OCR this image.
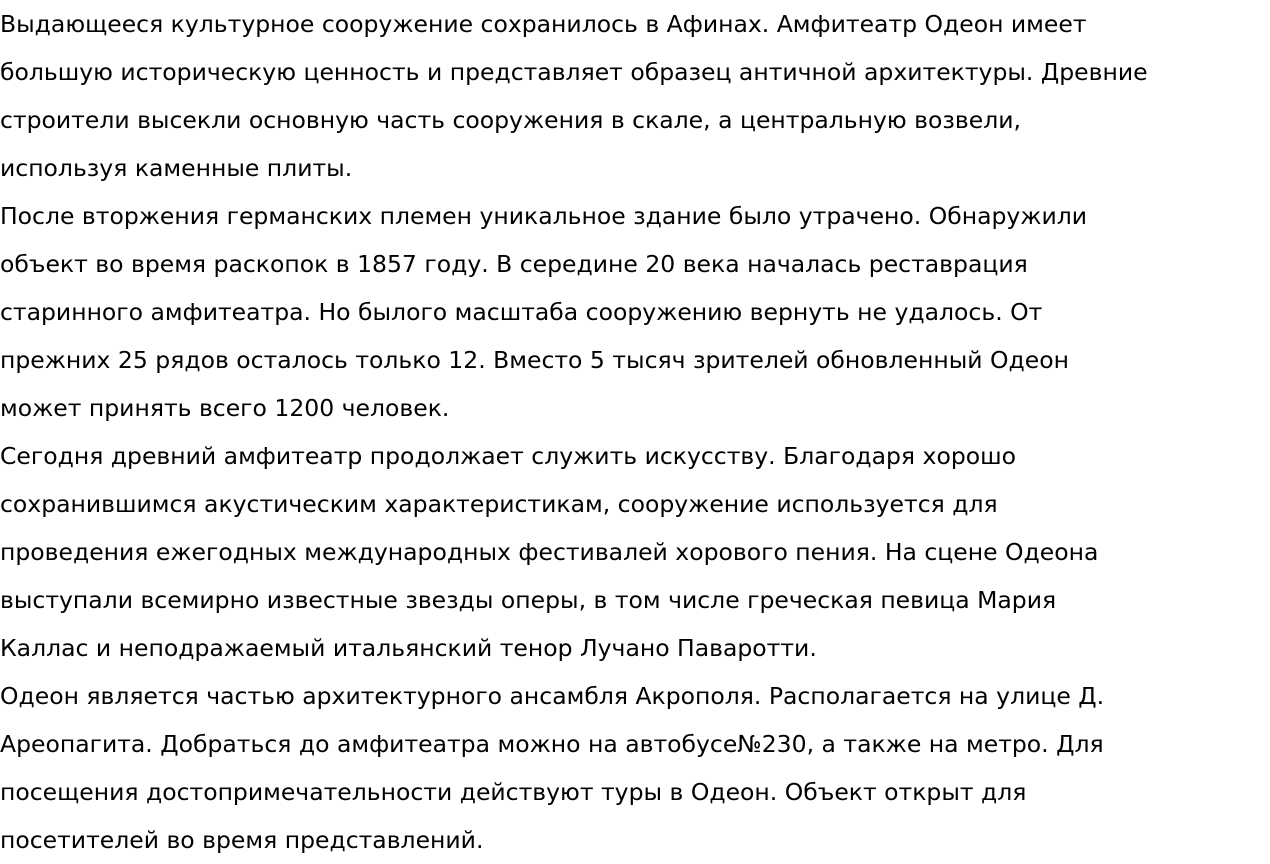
Выдающееся культурное сооружение сохранилось в Афинах. Амфитеатр Одеон имеет
большую историческую ценность и представляет образец античной архитектуры. Древние
строители высекли основную часть сооружения в скале, а центральную возвели,
используя каменные плиты.
После вторжения германских племен уникальное здание было утрачено. Обнаружили
объект во время раскопок в 1857 году. В середине 20 века началась реставрация
старинного амфитеатра. Но былого масштаба сооружению вернуть не удалось. От
прежних 25 рядов осталось только 12. Вместо 5 тысяч зрителей обновленный Одеон
может принять всего 1200 человек.
Сегодня древний амфитеатр продолжает служить искусству. Благодаря хорошо
сохранившимся акустическим характеристикам, сооружение используется для
проведения ежегодных международных фестивалей хорового пения. На сцене Одеона
выступали всемирно известные звезды оперы, в том числе греческая певица Мария
Каллас и неподражаемый итальянский тенор Лучано Паваротти.
Одеон является частью архитектурного ансамбля Акрополя. Располагается на улице Д.
Ареопагита. Добраться до амфитеатра можно на автобусе№230, а также на метро. Для
посещения достопримечательности действуют туры в Одеон. Объект открыт для
посетителей во время представлений.
